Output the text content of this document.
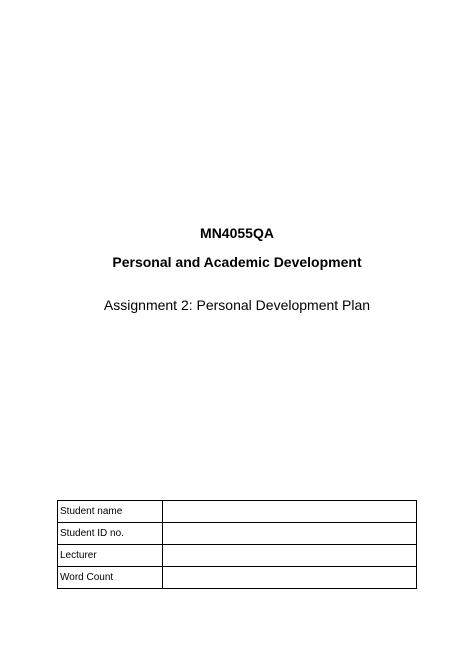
MN4055QA
Personal and Academic Development
Assignment 2: Personal Development Plan
Student name	
Student ID no.	
Lecturer	
Word Count	
